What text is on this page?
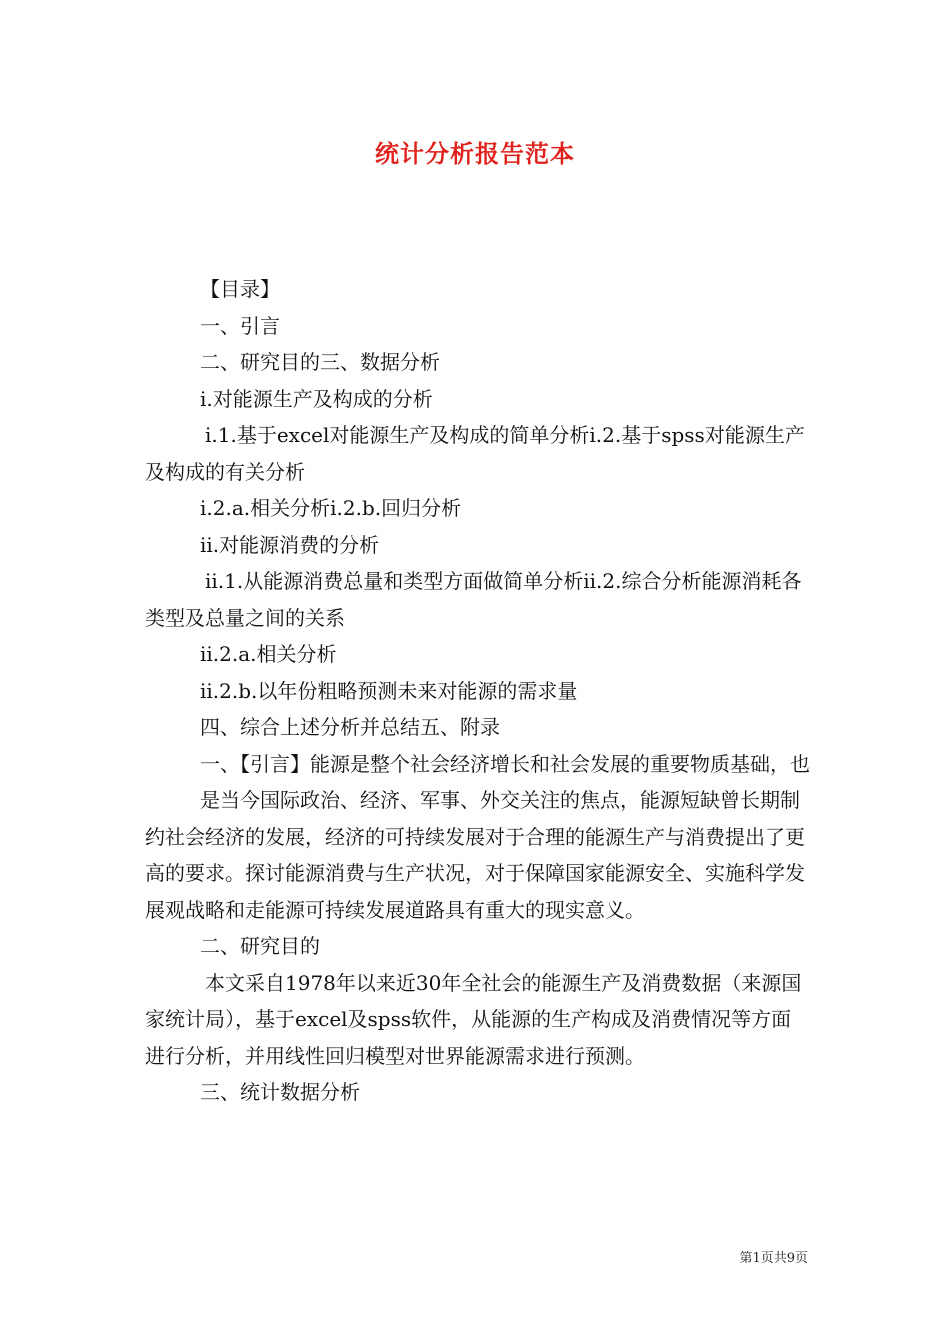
统计分析报告范本

【目录】

一、引言

二、研究目的三、数据分析

i.对能源生产及构成的分析

i.1.基于excel对能源生产及构成的简单分析i.2.基于spss对能源生产及构成的有关分析

i.2.a.相关分析i.2.b.回归分析

ii.对能源消费的分析

ii.1.从能源消费总量和类型方面做简单分析ii.2.综合分析能源消耗各类型及总量之间的关系

ii.2.a.相关分析

ii.2.b.以年份粗略预测未来对能源的需求量

四、综合上述分析并总结五、附录

一、【引言】能源是整个社会经济增长和社会发展的重要物质基础，也

是当今国际政治、经济、军事、外交关注的焦点，能源短缺曾长期制约社会经济的发展，经济的可持续发展对于合理的能源生产与消费提出了更高的要求。探讨能源消费与生产状况，对于保障国家能源安全、实施科学发展观战略和走能源可持续发展道路具有重大的现实意义。

二、研究目的

本文采自1978年以来近30年全社会的能源生产及消费数据（来源国家统计局），基于excel及spss软件，从能源的生产构成及消费情况等方面进行分析，并用线性回归模型对世界能源需求进行预测。

三、统计数据分析

第1页共9页
